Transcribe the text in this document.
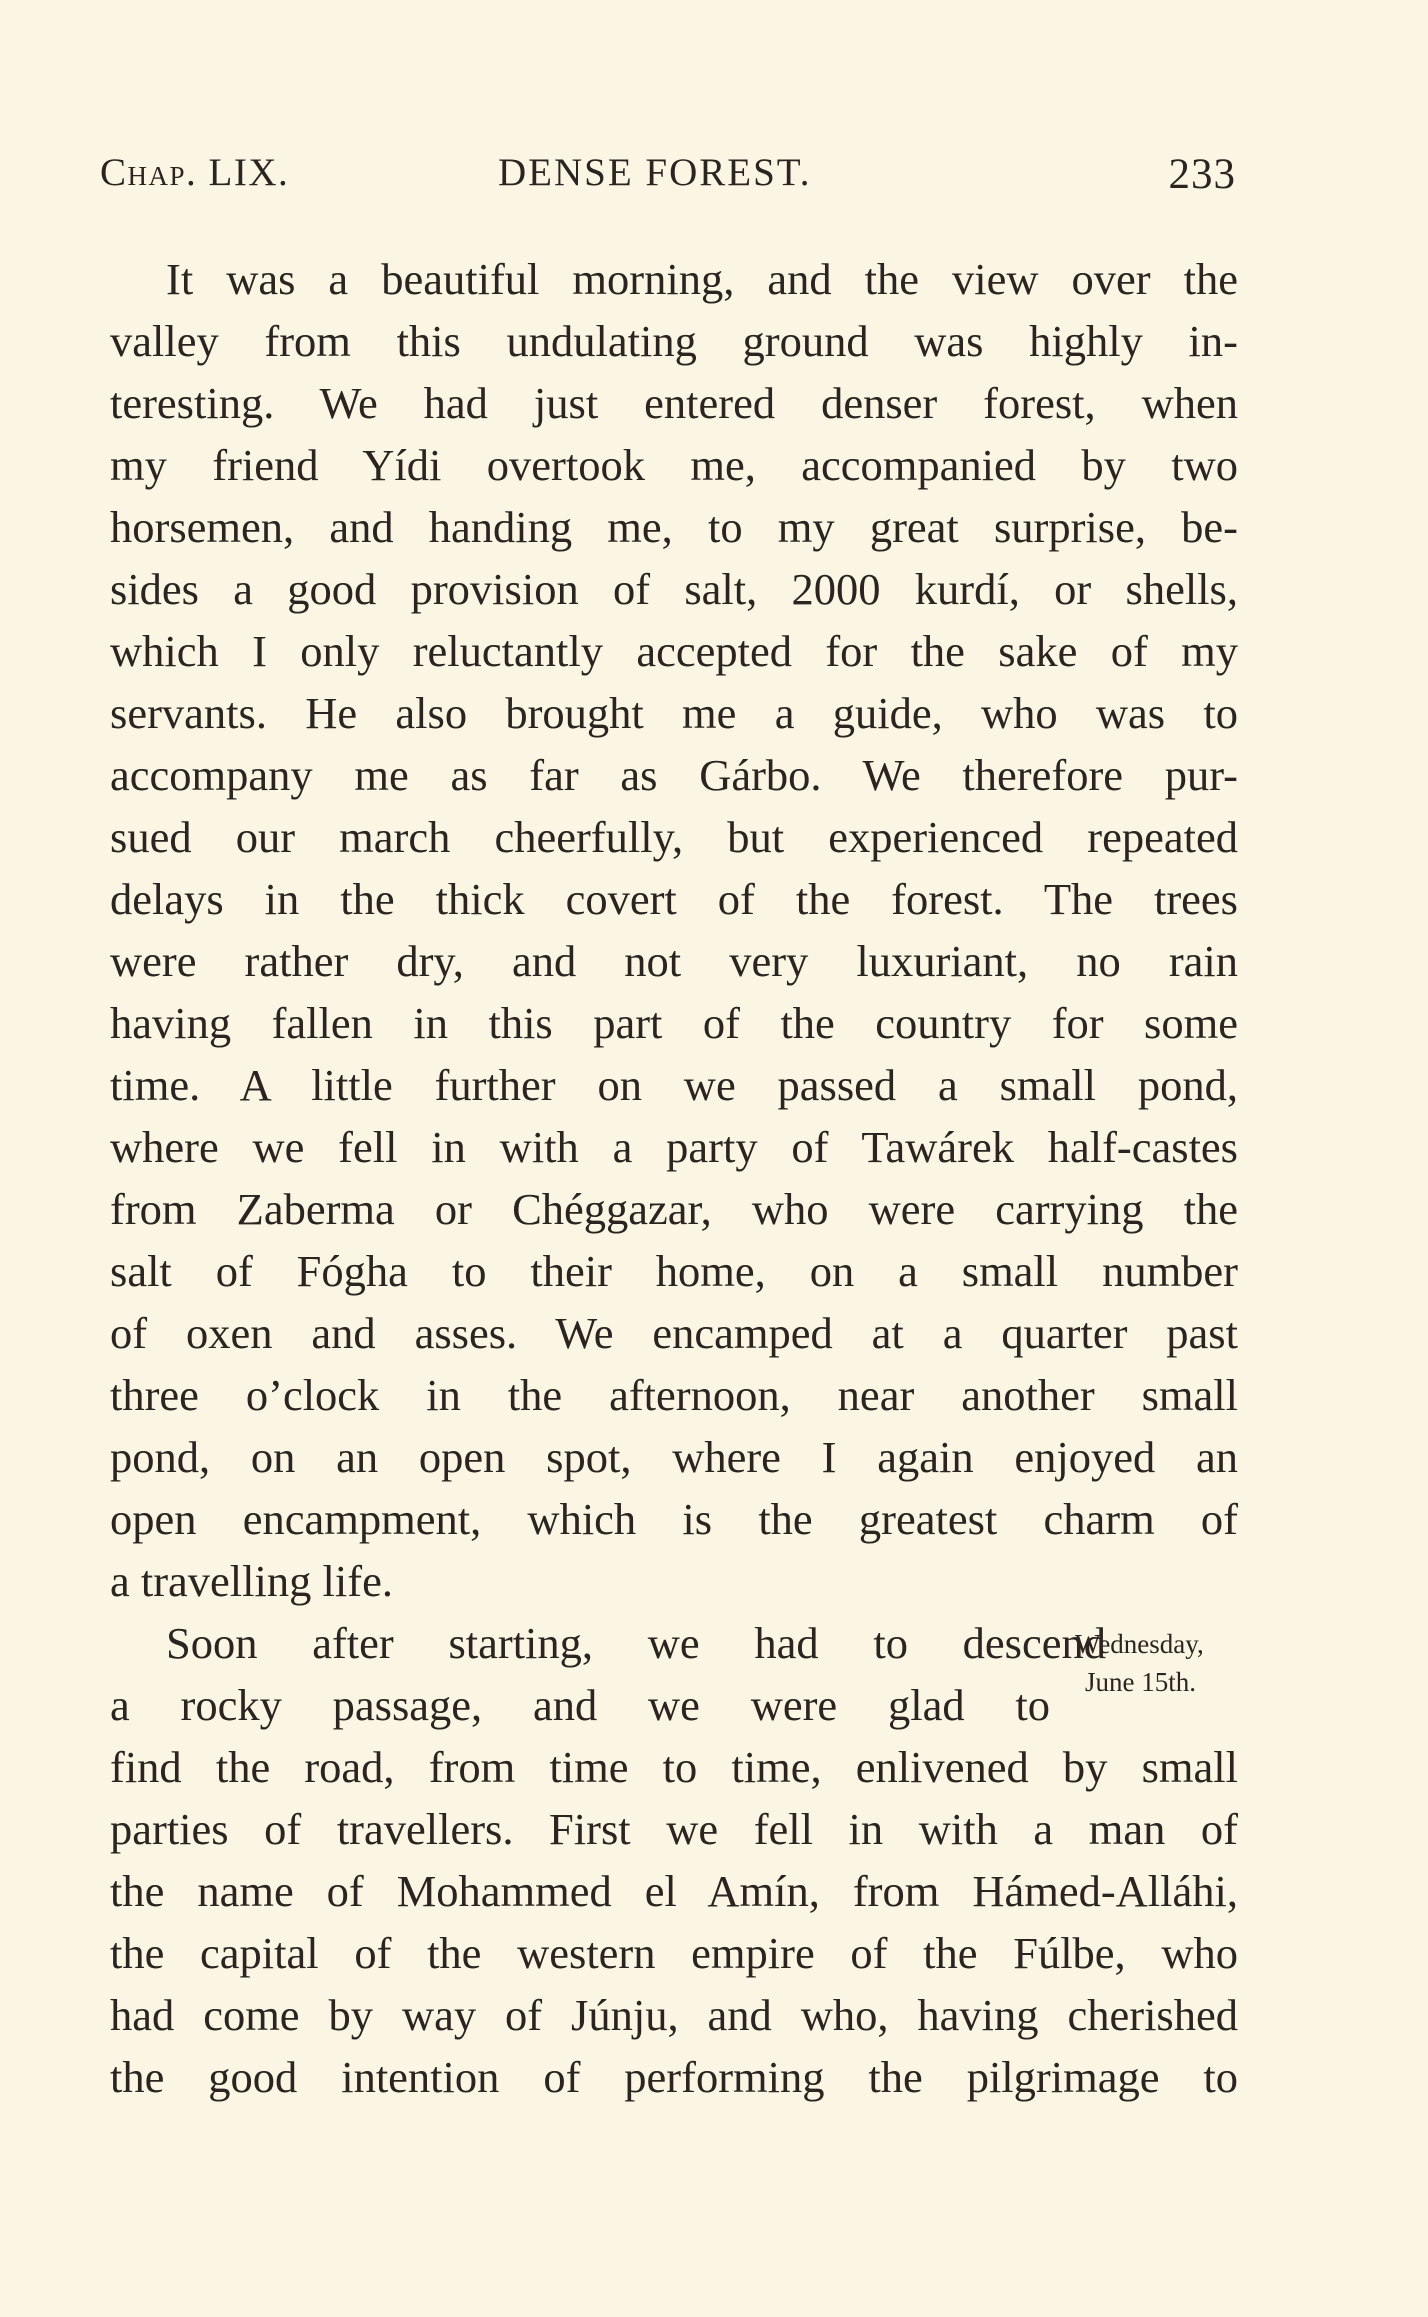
Chap. LIX.	DENSE FOREST.	233
It was a beautiful morning, and the view over the
valley from this undulating ground was highly in-
teresting. We had just entered denser forest, when
my friend Yídi overtook me, accompanied by two
horsemen, and handing me, to my great surprise, be-
sides a good provision of salt, 2000 kurdí, or shells,
which I only reluctantly accepted for the sake of my
servants. He also brought me a guide, who was to
accompany me as far as Gárbo. We therefore pur-
sued our march cheerfully, but experienced repeated
delays in the thick covert of the forest. The trees
were rather dry, and not very luxuriant, no rain
having fallen in this part of the country for some
time. A little further on we passed a small pond,
where we fell in with a party of Tawárek half-castes
from Zaberma or Chéggazar, who were carrying the
salt of Fógha to their home, on a small number
of oxen and asses. We encamped at a quarter past
three o’clock in the afternoon, near another small
pond, on an open spot, where I again enjoyed an
open encampment, which is the greatest charm of
a travelling life.
Soon after starting, we had to descend
a rocky passage, and we were glad to
find the road, from time to time, enlivened by small
parties of travellers. First we fell in with a man of
the name of Mohammed el Amín, from Hámed-Alláhi,
the capital of the western empire of the Fúlbe, who
had come by way of Júnju, and who, having cherished
the good intention of performing the pilgrimage to
Wednesday,
June 15th.
